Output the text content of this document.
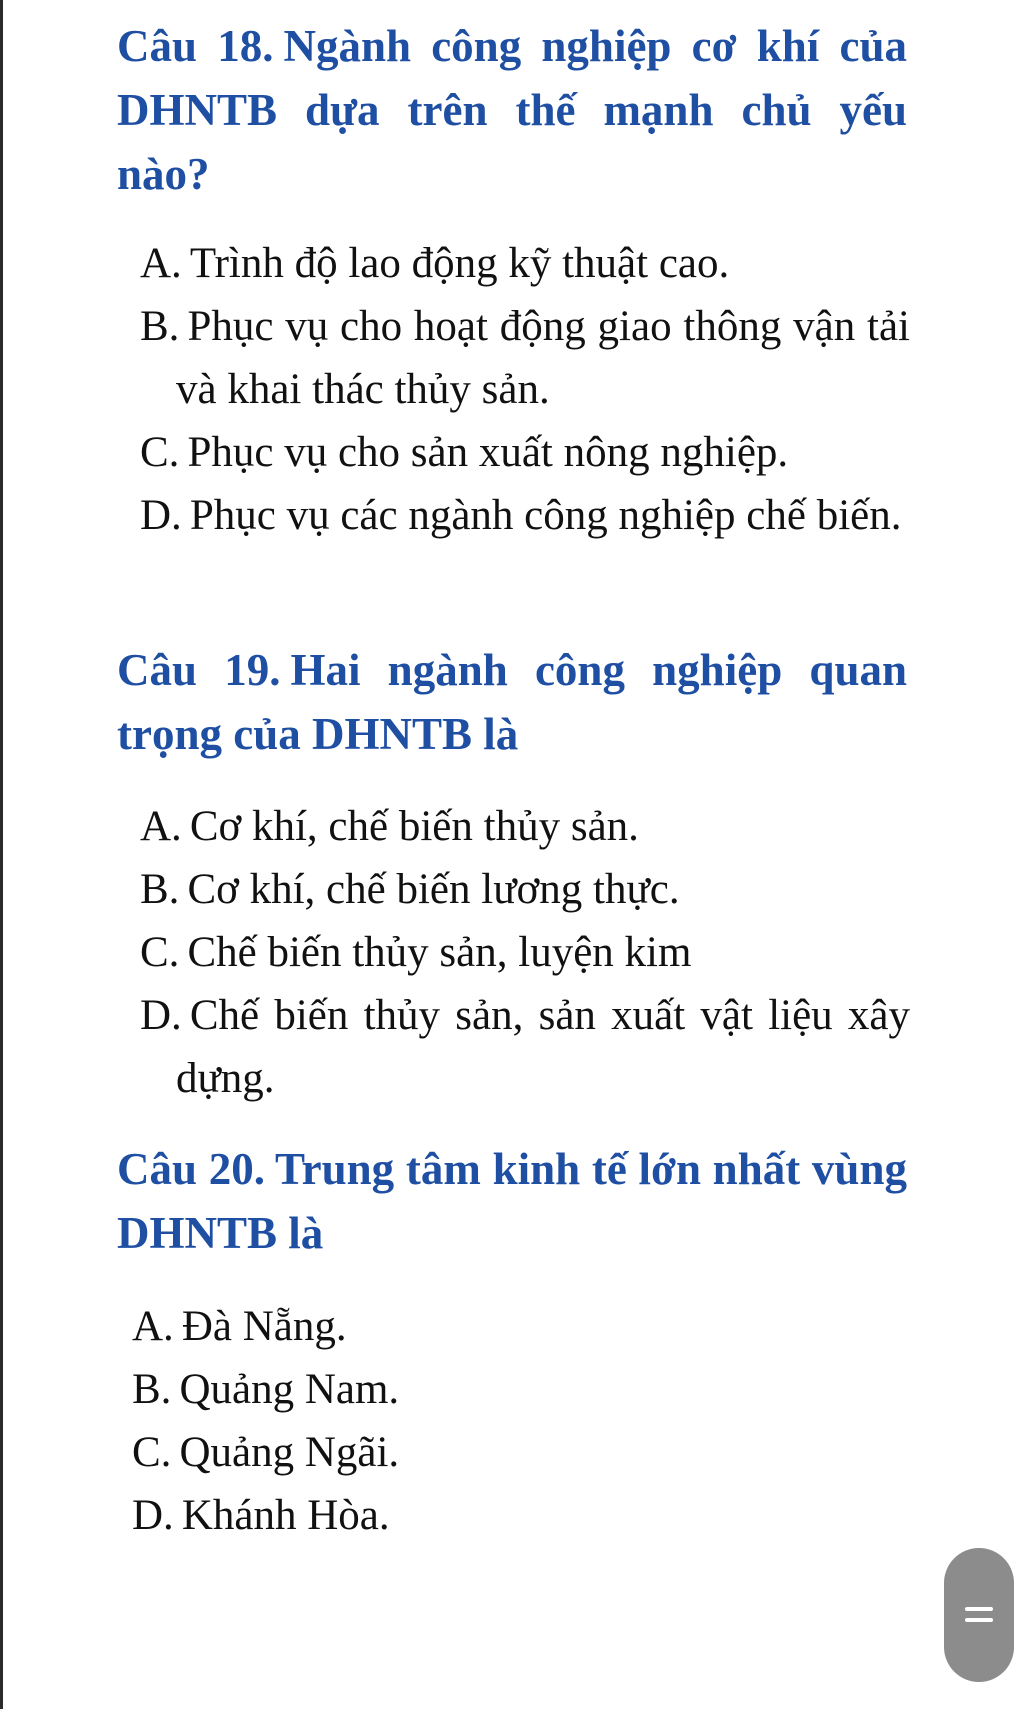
Câu 18. Ngành công nghiệp cơ khí của DHNTB dựa trên thế mạnh chủ yếu nào?
A. Trình độ lao động kỹ thuật cao.
B. Phục vụ cho hoạt động giao thông vận tải và khai thác thủy sản.
C. Phục vụ cho sản xuất nông nghiệp.
D. Phục vụ các ngành công nghiệp chế biến.
Câu 19. Hai ngành công nghiệp quan trọng của DHNTB là
A. Cơ khí, chế biến thủy sản.
B. Cơ khí, chế biến lương thực.
C. Chế biến thủy sản, luyện kim
D. Chế biến thủy sản, sản xuất vật liệu xây dựng.
Câu 20. Trung tâm kinh tế lớn nhất vùng DHNTB là
A. Đà Nẵng.
B. Quảng Nam.
C. Quảng Ngãi.
D. Khánh Hòa.
